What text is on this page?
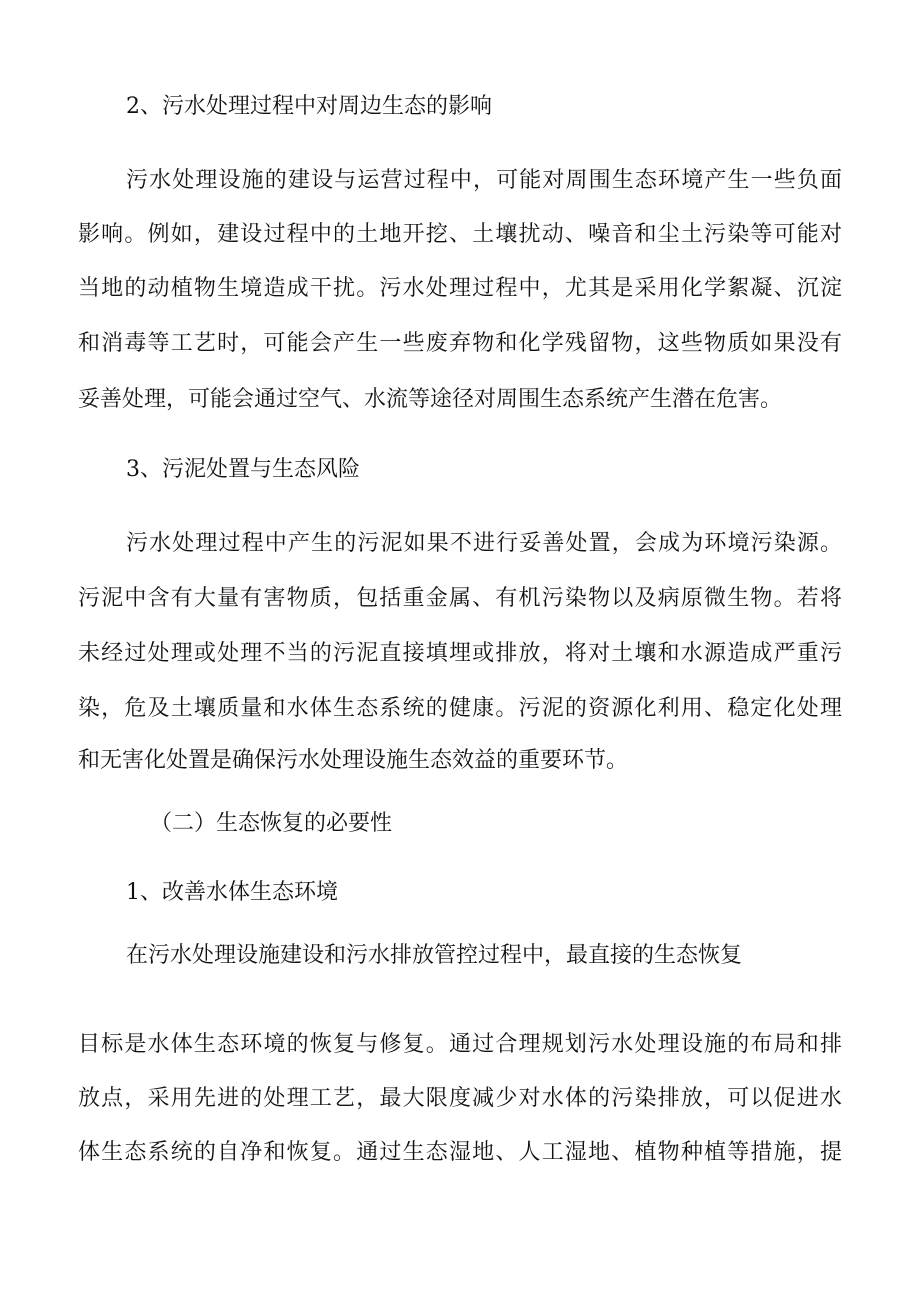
2、污水处理过程中对周边生态的影响
污水处理设施的建设与运营过程中，可能对周围生态环境产生一些负面
影响。例如，建设过程中的土地开挖、土壤扰动、噪音和尘土污染等可能对
当地的动植物生境造成干扰。污水处理过程中，尤其是采用化学絮凝、沉淀
和消毒等工艺时，可能会产生一些废弃物和化学残留物，这些物质如果没有
妥善处理，可能会通过空气、水流等途径对周围生态系统产生潜在危害。
3、污泥处置与生态风险
污水处理过程中产生的污泥如果不进行妥善处置，会成为环境污染源。
污泥中含有大量有害物质，包括重金属、有机污染物以及病原微生物。若将
未经过处理或处理不当的污泥直接填埋或排放，将对土壤和水源造成严重污
染，危及土壤质量和水体生态系统的健康。污泥的资源化利用、稳定化处理
和无害化处置是确保污水处理设施生态效益的重要环节。
（二）生态恢复的必要性
1、改善水体生态环境
在污水处理设施建设和污水排放管控过程中，最直接的生态恢复
目标是水体生态环境的恢复与修复。通过合理规划污水处理设施的布局和排
放点，采用先进的处理工艺，最大限度减少对水体的污染排放，可以促进水
体生态系统的自净和恢复。通过生态湿地、人工湿地、植物种植等措施，提
